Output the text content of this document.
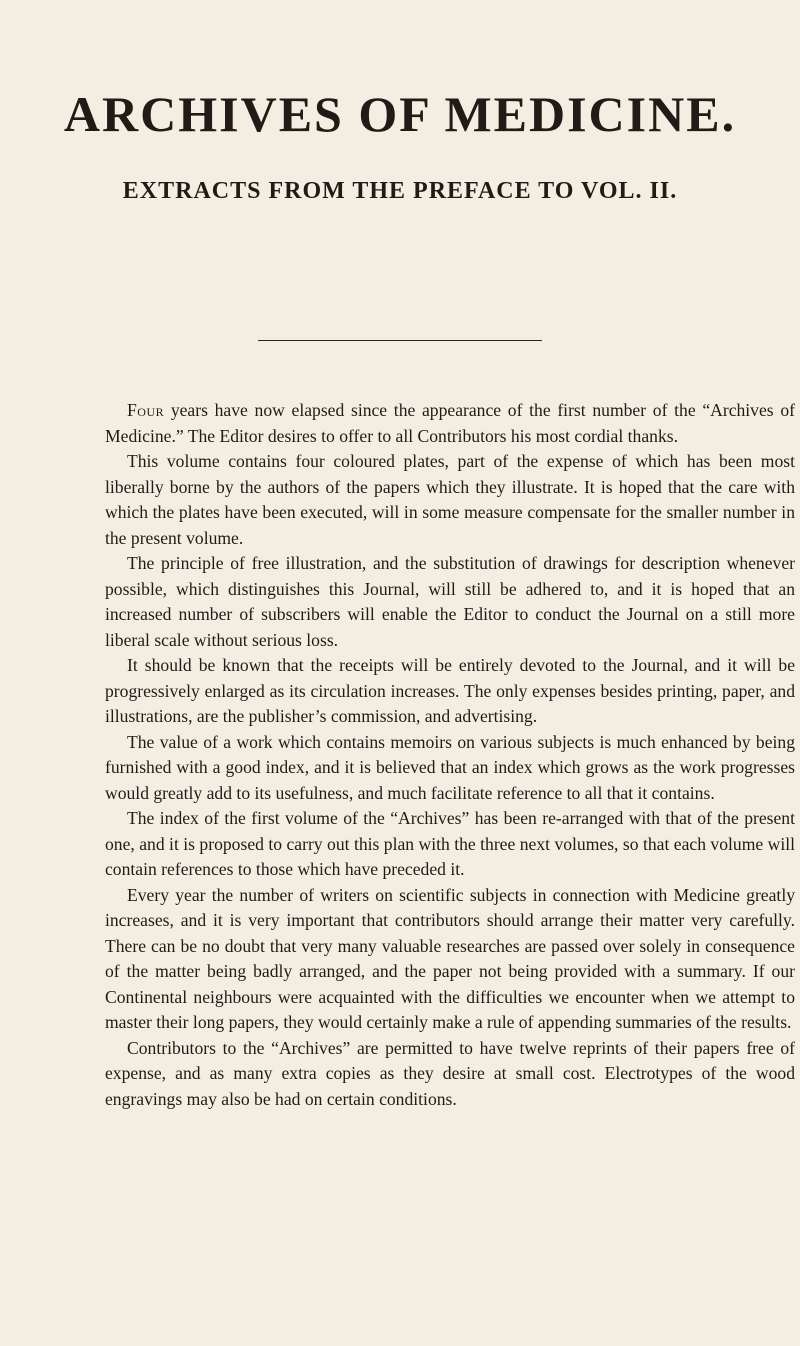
ARCHIVES OF MEDICINE.
EXTRACTS FROM THE PREFACE TO VOL. II.

Four years have now elapsed since the appearance of the first number of the “Archives of Medicine.” The Editor desires to offer to all Contributors his most cordial thanks.

This volume contains four coloured plates, part of the expense of which has been most liberally borne by the authors of the papers which they illustrate. It is hoped that the care with which the plates have been executed, will in some measure compensate for the smaller number in the present volume.

The principle of free illustration, and the substitution of drawings for description whenever possible, which distinguishes this Journal, will still be adhered to, and it is hoped that an increased number of subscribers will enable the Editor to conduct the Journal on a still more liberal scale without serious loss.

It should be known that the receipts will be entirely devoted to the Journal, and it will be progressively enlarged as its circulation increases. The only expenses besides printing, paper, and illustrations, are the publisher’s commission, and advertising.

The value of a work which contains memoirs on various subjects is much enhanced by being furnished with a good index, and it is believed that an index which grows as the work progresses would greatly add to its usefulness, and much facilitate reference to all that it contains.

The index of the first volume of the “Archives” has been re-arranged with that of the present one, and it is proposed to carry out this plan with the three next volumes, so that each volume will contain references to those which have preceded it.

Every year the number of writers on scientific subjects in connection with Medicine greatly increases, and it is very important that contributors should arrange their matter very carefully. There can be no doubt that very many valuable researches are passed over solely in consequence of the matter being badly arranged, and the paper not being provided with a summary. If our Continental neighbours were acquainted with the difficulties we encounter when we attempt to master their long papers, they would certainly make a rule of appending summaries of the results.

Contributors to the “Archives” are permitted to have twelve reprints of their papers free of expense, and as many extra copies as they desire at small cost. Electrotypes of the wood engravings may also be had on certain conditions.
